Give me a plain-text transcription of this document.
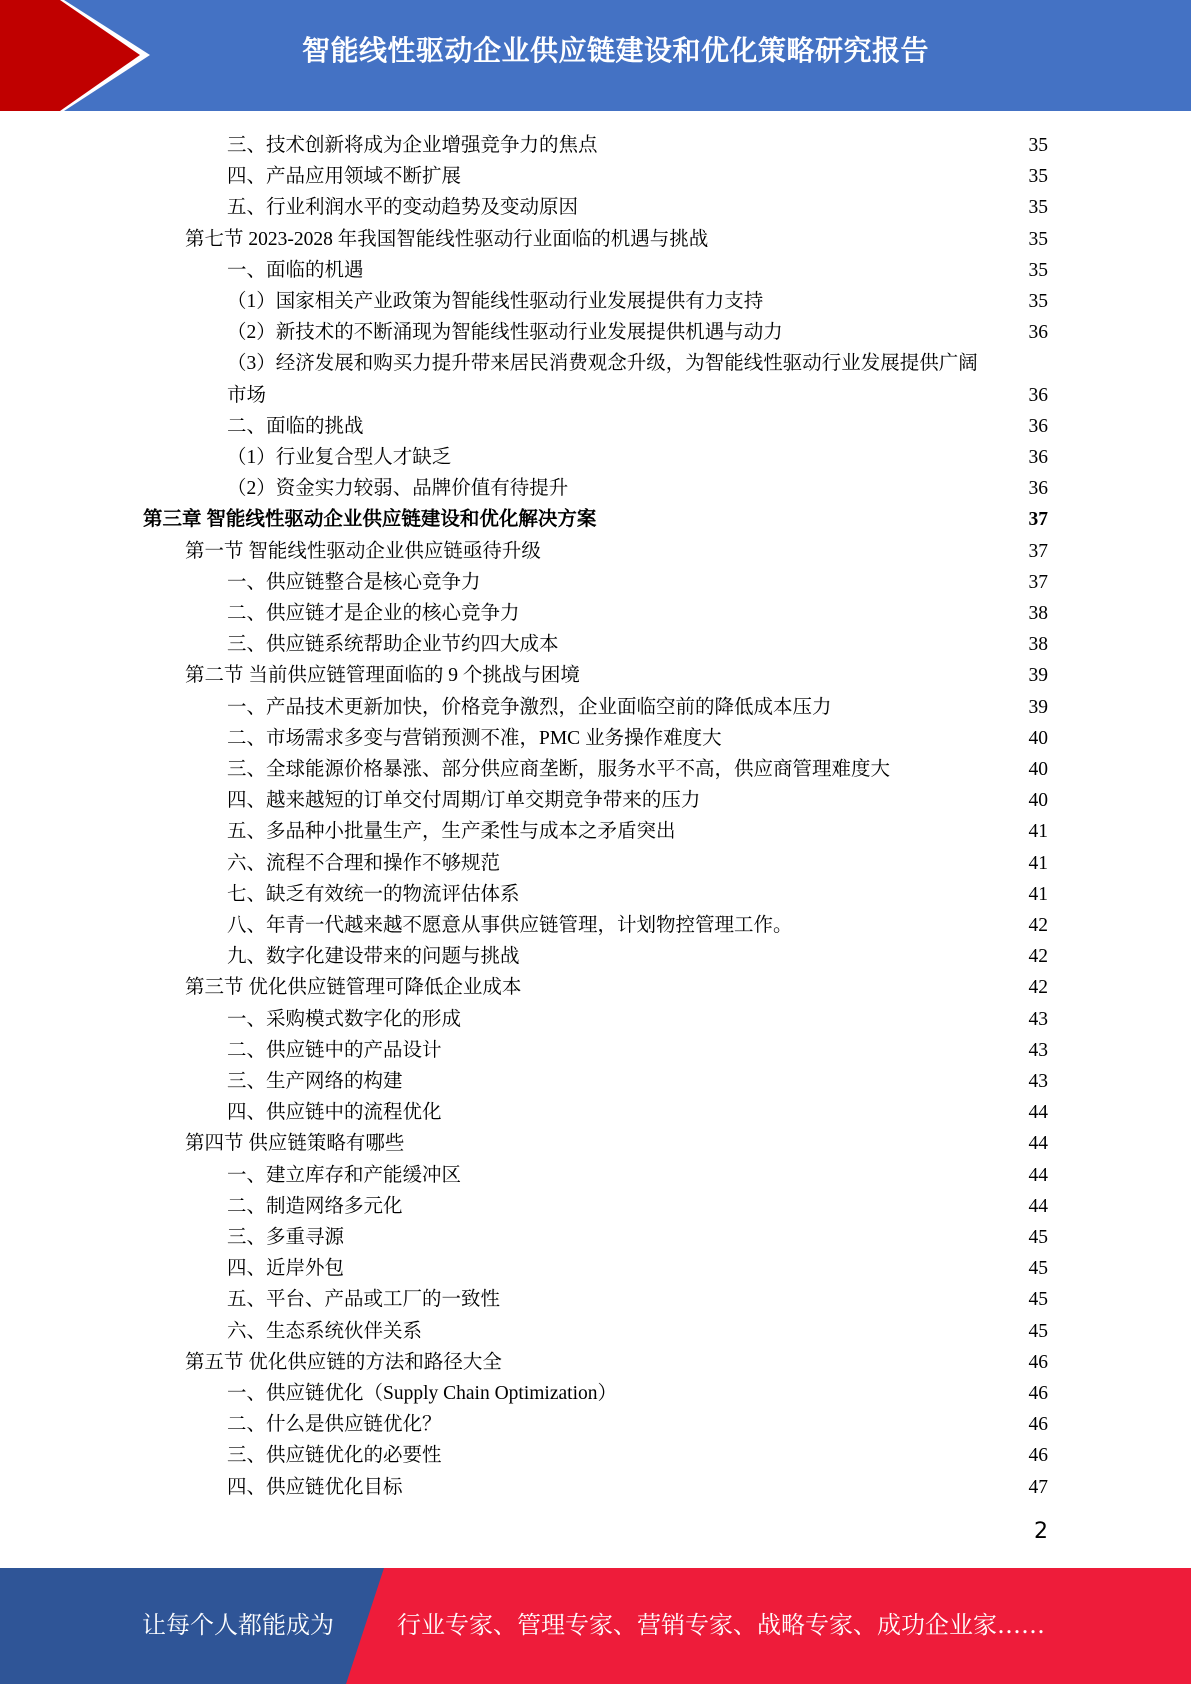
智能线性驱动企业供应链建设和优化策略研究报告
三、技术创新将成为企业增强竞争力的焦点	35
四、产品应用领域不断扩展	35
五、行业利润水平的变动趋势及变动原因	35
第七节 2023-2028 年我国智能线性驱动行业面临的机遇与挑战	35
一、面临的机遇	35
（1）国家相关产业政策为智能线性驱动行业发展提供有力支持	35
（2）新技术的不断涌现为智能线性驱动行业发展提供机遇与动力	36
（3）经济发展和购买力提升带来居民消费观念升级，为智能线性驱动行业发展提供广阔
市场	36
二、面临的挑战	36
（1）行业复合型人才缺乏	36
（2）资金实力较弱、品牌价值有待提升	36
第三章 智能线性驱动企业供应链建设和优化解决方案	37
第一节 智能线性驱动企业供应链亟待升级	37
一、供应链整合是核心竞争力	37
二、供应链才是企业的核心竞争力	38
三、供应链系统帮助企业节约四大成本	38
第二节 当前供应链管理面临的 9 个挑战与困境	39
一、产品技术更新加快，价格竞争激烈，企业面临空前的降低成本压力	39
二、市场需求多变与营销预测不准，PMC 业务操作难度大	40
三、全球能源价格暴涨、部分供应商垄断，服务水平不高，供应商管理难度大	40
四、越来越短的订单交付周期/订单交期竞争带来的压力	40
五、多品种小批量生产，生产柔性与成本之矛盾突出	41
六、流程不合理和操作不够规范	41
七、缺乏有效统一的物流评估体系	41
八、年青一代越来越不愿意从事供应链管理，计划物控管理工作。	42
九、数字化建设带来的问题与挑战	42
第三节 优化供应链管理可降低企业成本	42
一、采购模式数字化的形成	43
二、供应链中的产品设计	43
三、生产网络的构建	43
四、供应链中的流程优化	44
第四节 供应链策略有哪些	44
一、建立库存和产能缓冲区	44
二、制造网络多元化	44
三、多重寻源	45
四、近岸外包	45
五、平台、产品或工厂的一致性	45
六、生态系统伙伴关系	45
第五节 优化供应链的方法和路径大全	46
一、供应链优化（Supply Chain Optimization）	46
二、什么是供应链优化？	46
三、供应链优化的必要性	46
四、供应链优化目标	47
2
让每个人都能成为	行业专家、管理专家、营销专家、战略专家、成功企业家……
